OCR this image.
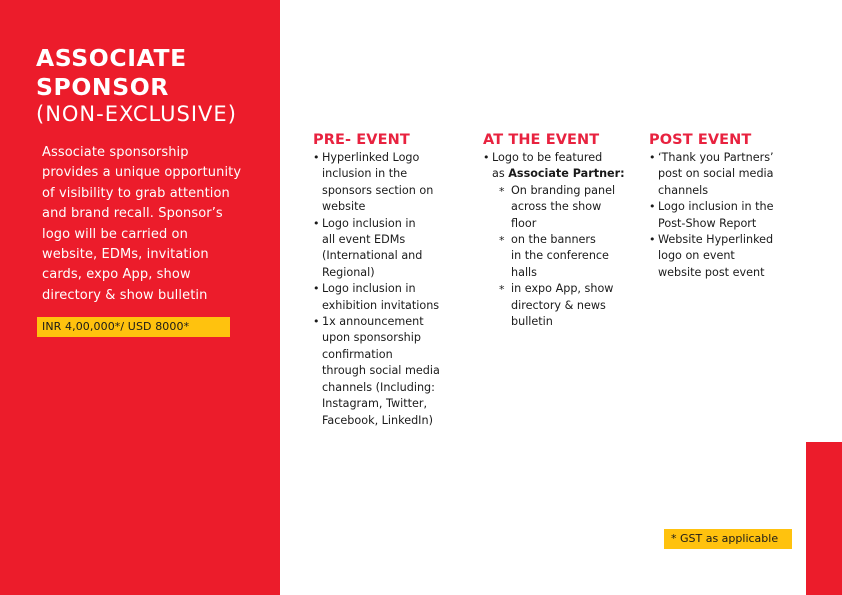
ASSOCIATE
SPONSOR
(NON-EXCLUSIVE)
Associate sponsorship
provides a unique opportunity
of visibility to grab attention
and brand recall. Sponsor’s
logo will be carried on
website, EDMs, invitation
cards, expo App, show
directory & show bulletin
INR 4,00,000*/ USD 8000*
PRE- EVENT
• Hyperlinked Logo
inclusion in the
sponsors section on
website
• Logo inclusion in
all event EDMs
(International and
Regional)
• Logo inclusion in
exhibition invitations
• 1x announcement
upon sponsorship
confirmation
through social media
channels (Including:
Instagram, Twitter,
Facebook, LinkedIn)
AT THE EVENT
• Logo to be featured
as Associate Partner:
* On branding panel
across the show
floor
* on the banners
in the conference
halls
* in expo App, show
directory & news
bulletin
POST EVENT
• ‘Thank you Partners’
post on social media
channels
• Logo inclusion in the
Post-Show Report
• Website Hyperlinked
logo on event
website post event
* GST as applicable
